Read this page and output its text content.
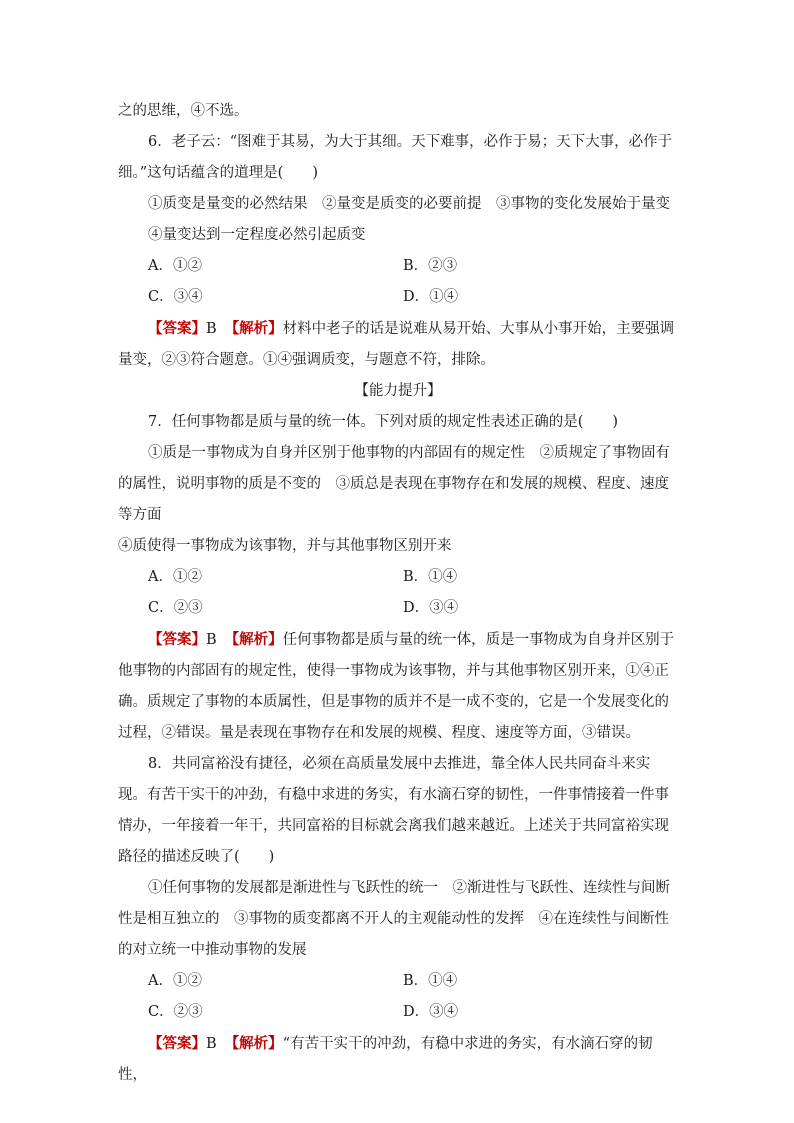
之的思维，④不选。

6．老子云：“图难于其易，为大于其细。天下难事，必作于易；天下大事，必作于细。”这句话蕴含的道理是(　　)

①质变是量变的必然结果　②量变是质变的必要前提　③事物的变化发展始于量变

④量变达到一定程度必然引起质变

A．①②	B．②③
C．③④	D．①④

【答案】B 【解析】材料中老子的话是说难从易开始、大事从小事开始，主要强调量变，②③符合题意。①④强调质变，与题意不符，排除。

【能力提升】

7．任何事物都是质与量的统一体。下列对质的规定性表述正确的是(　　)

①质是一事物成为自身并区别于他事物的内部固有的规定性　②质规定了事物固有的属性，说明事物的质是不变的　③质总是表现在事物存在和发展的规模、程度、速度等方面

④质使得一事物成为该事物，并与其他事物区别开来

A．①②	B．①④
C．②③	D．③④

【答案】B 【解析】任何事物都是质与量的统一体，质是一事物成为自身并区别于他事物的内部固有的规定性，使得一事物成为该事物，并与其他事物区别开来，①④正确。质规定了事物的本质属性，但是事物的质并不是一成不变的，它是一个发展变化的过程，②错误。量是表现在事物存在和发展的规模、程度、速度等方面，③错误。

8．共同富裕没有捷径，必须在高质量发展中去推进，靠全体人民共同奋斗来实现。有苦干实干的冲劲，有稳中求进的务实，有水滴石穿的韧性，一件事情接着一件事情办，一年接着一年干，共同富裕的目标就会离我们越来越近。上述关于共同富裕实现路径的描述反映了(　　)

①任何事物的发展都是渐进性与飞跃性的统一　②渐进性与飞跃性、连续性与间断性是相互独立的　③事物的质变都离不开人的主观能动性的发挥　④在连续性与间断性的对立统一中推动事物的发展

A．①②	B．①④
C．②③	D．③④

【答案】B 【解析】“有苦干实干的冲劲，有稳中求进的务实，有水滴石穿的韧性，
